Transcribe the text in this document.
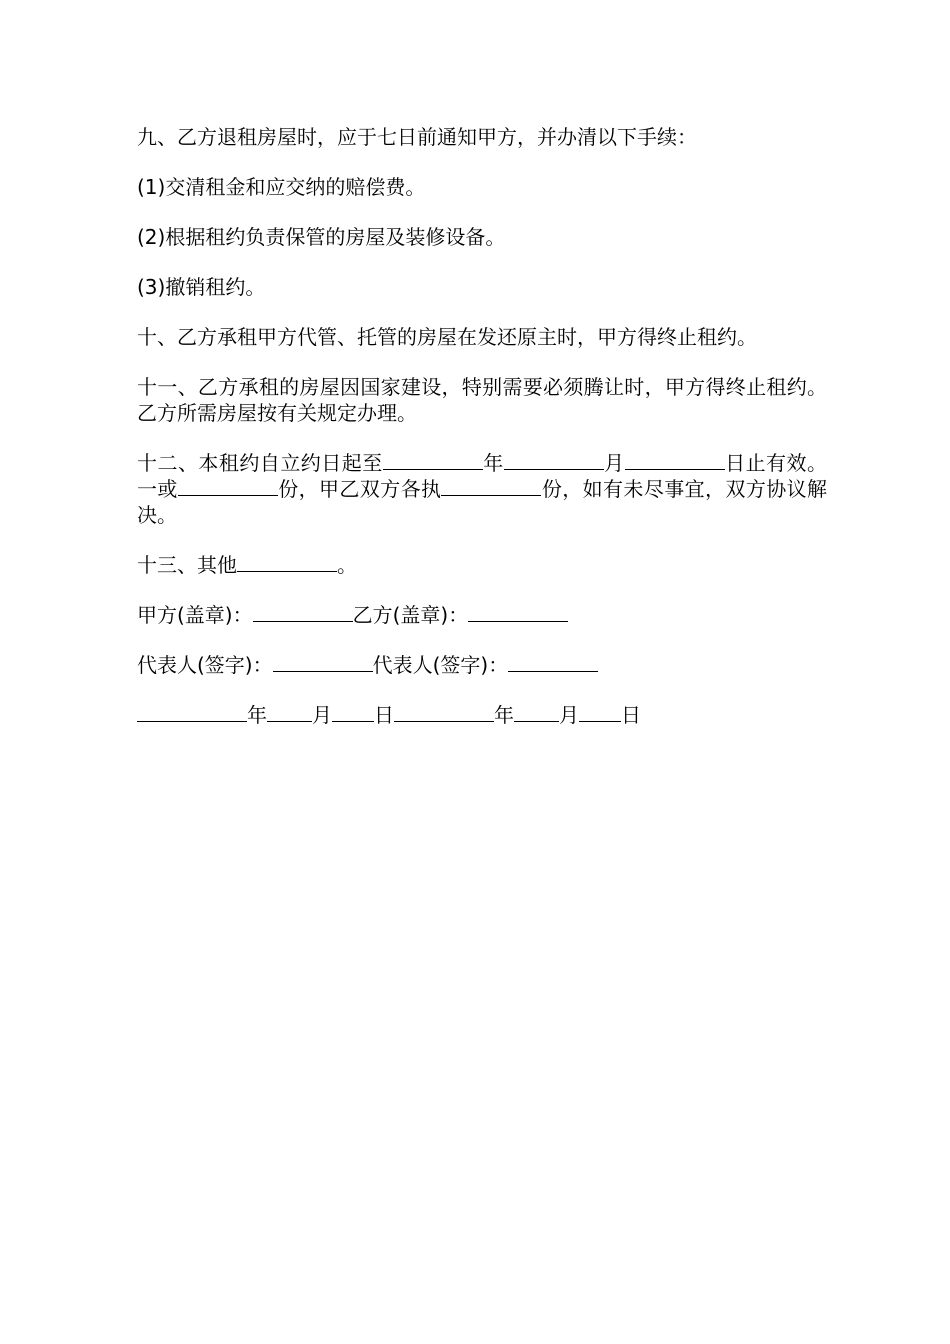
九、乙方退租房屋时，应于七日前通知甲方，并办清以下手续：

(1)交清租金和应交纳的赔偿费。

(2)根据租约负责保管的房屋及装修设备。

(3)撤销租约。

十、乙方承租甲方代管、托管的房屋在发还原主时，甲方得终止租约。

十一、乙方承租的房屋因国家建设，特别需要必须腾让时，甲方得终止租约。乙方所需房屋按有关规定办理。

十二、本租约自立约日起至	年	月	日止有效。一或	份，甲乙双方各执	份，如有未尽事宜，双方协议解决。

十三、其他	。

甲方(盖章)：	乙方(盖章)：

代表人(签字)：	代表人(签字)：

年 月 日	年 月 日
